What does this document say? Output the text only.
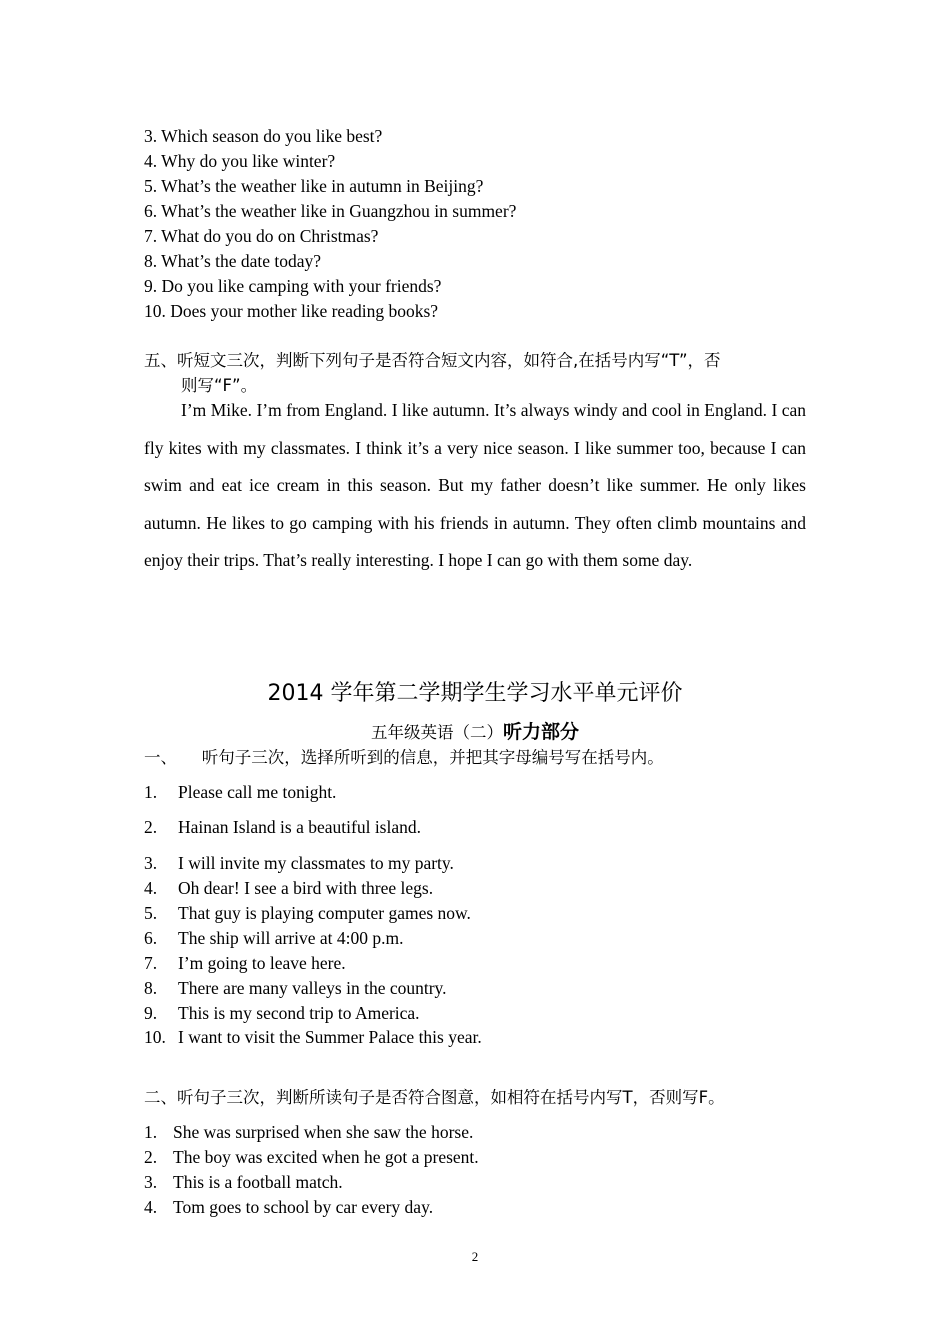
3. Which season do you like best?
4. Why do you like winter?
5. What’s the weather like in autumn in Beijing?
6. What’s the weather like in Guangzhou in summer?
7. What do you do on Christmas?
8. What’s the date today?
9. Do you like camping with your friends?
10. Does your mother like reading books?
五、听短文三次，判断下列句子是否符合短文内容，如符合,在括号内写“T”，否
则写“F”。
I’m Mike. I’m from England. I like autumn. It’s always windy and cool in England. I can fly kites with my classmates. I think it’s a very nice season. I like summer too, because I can swim and eat ice cream in this season. But my father doesn’t like summer. He only likes autumn. He likes to go camping with his friends in autumn. They often climb mountains and enjoy their trips. That’s really interesting. I hope I can go with them some day.
2014 学年第二学期学生学习水平单元评价
五年级英语（二）听力部分
一、　　听句子三次，选择所听到的信息，并把其字母编号写在括号内。
1. Please call me tonight.
2. Hainan Island is a beautiful island.
3. I will invite my classmates to my party.
4. Oh dear! I see a bird with three legs.
5. That guy is playing computer games now.
6. The ship will arrive at 4:00 p.m.
7. I’m going to leave here.
8. There are many valleys in the country.
9. This is my second trip to America.
10. I want to visit the Summer Palace this year.
二、听句子三次，判断所读句子是否符合图意，如相符在括号内写T，否则写F。
1. She was surprised when she saw the horse.
2. The boy was excited when he got a present.
3. This is a football match.
4. Tom goes to school by car every day.
2
